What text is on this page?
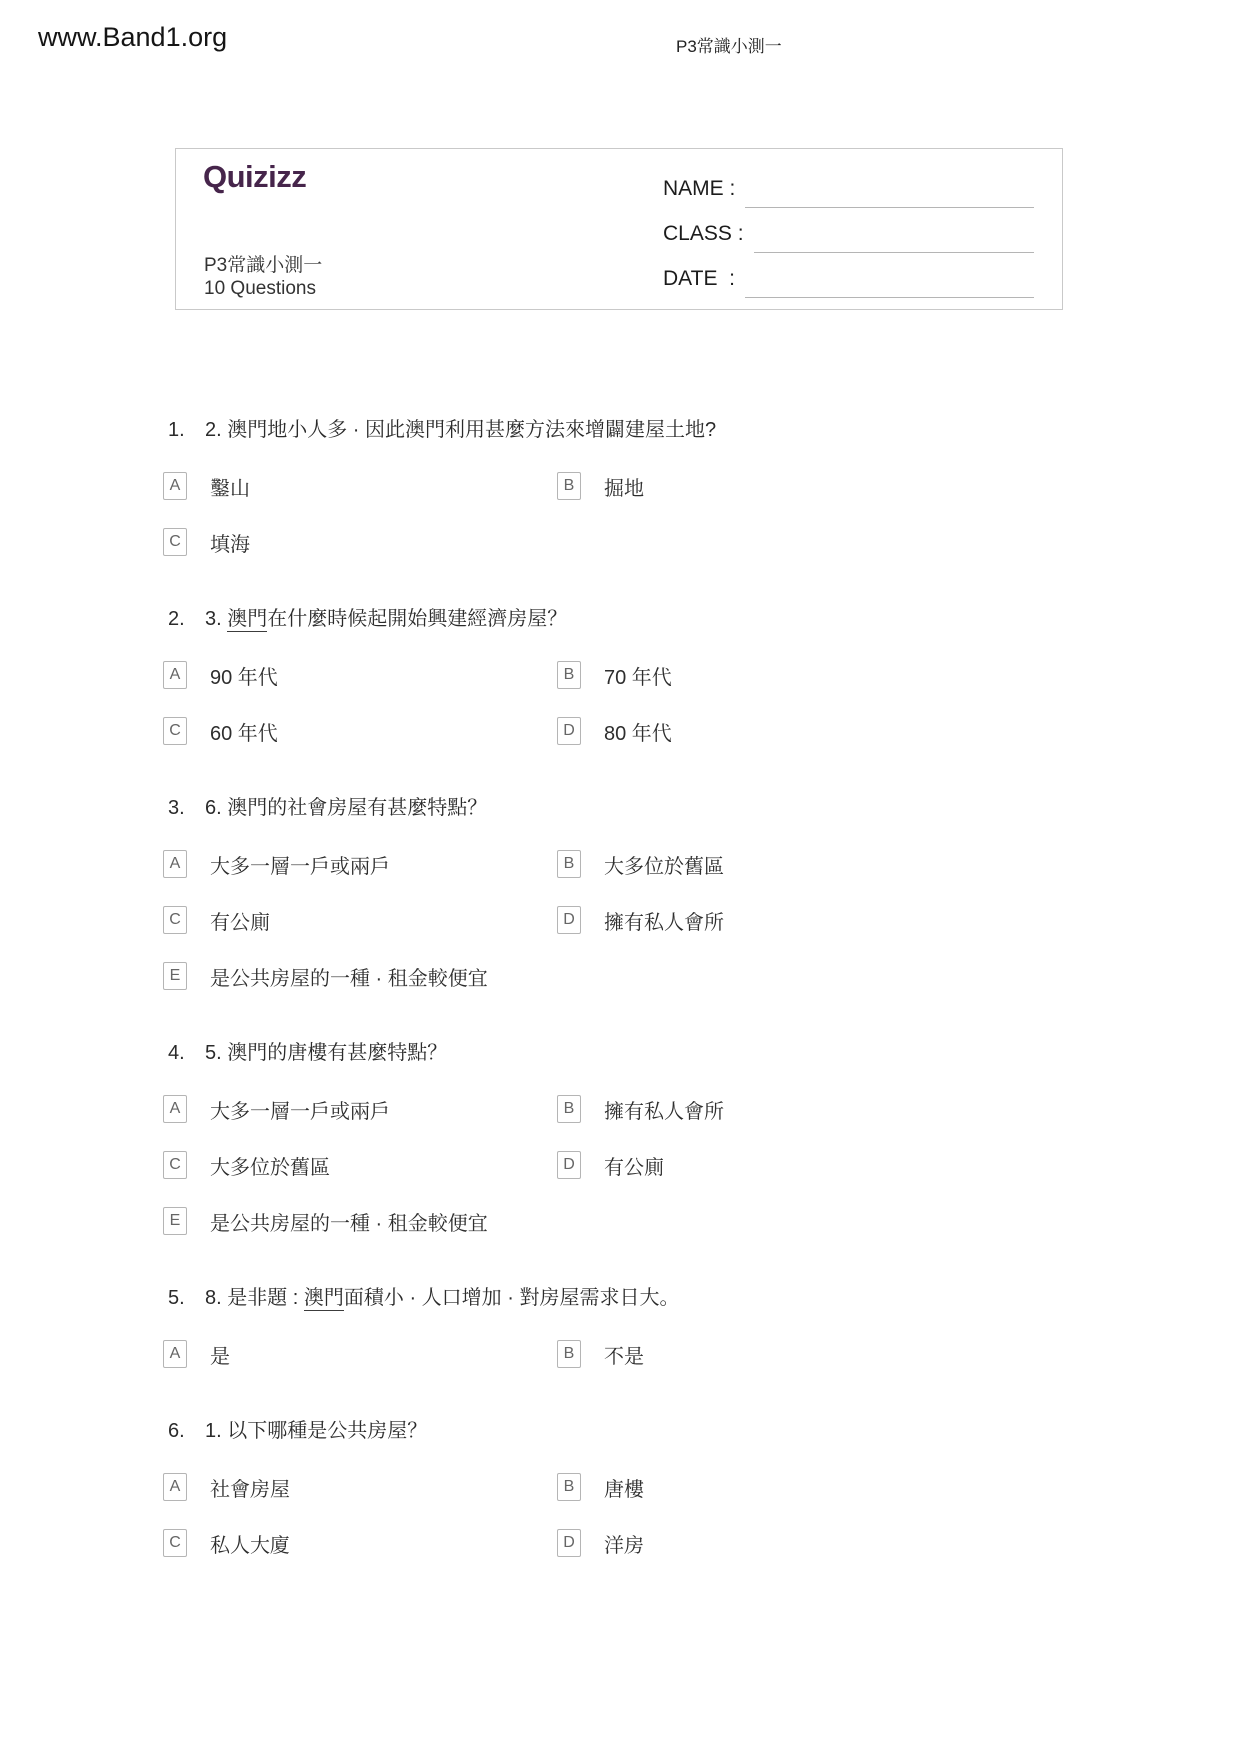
www.Band1.org	P3常識小測一
Quizizz
P3常識小測一
10 Questions
NAME :
CLASS :
DATE  :
1.	2. 澳門地小人多 · 因此澳門利用甚麼方法來增闢建屋土地?
A	鑿山	B	掘地
C	填海
2.	3. 澳門在什麼時候起開始興建經濟房屋？
A	90 年代	B	70 年代
C	60 年代	D	80 年代
3.	6. 澳門的社會房屋有甚麼特點？
A	大多一層一戶或兩戶	B	大多位於舊區
C	有公廁	D	擁有私人會所
E	是公共房屋的一種 · 租金較便宜
4.	5. 澳門的唐樓有甚麼特點？
A	大多一層一戶或兩戶	B	擁有私人會所
C	大多位於舊區	D	有公廁
E	是公共房屋的一種 · 租金較便宜
5.	8. 是非題 : 澳門面積小 · 人口增加 · 對房屋需求日大。
A	是	B	不是
6.	1. 以下哪種是公共房屋？
A	社會房屋	B	唐樓
C	私人大廈	D	洋房
